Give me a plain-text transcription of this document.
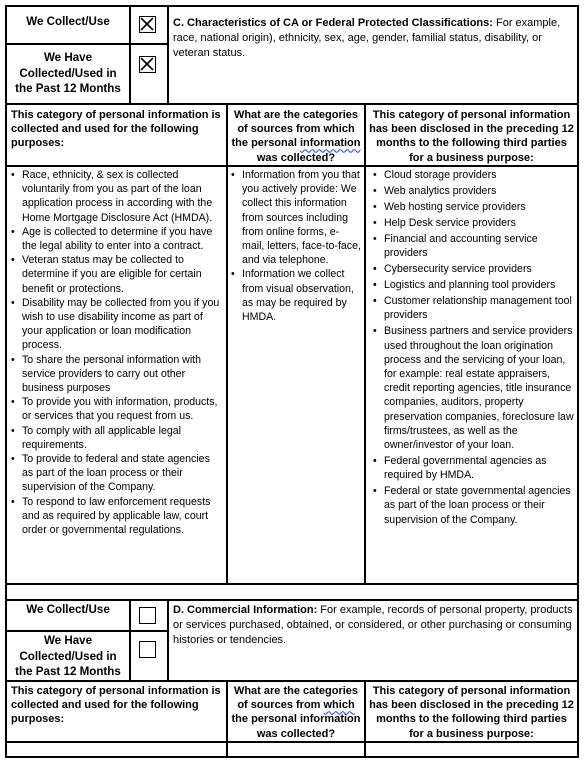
We Collect/Use
We Have Collected/Used in the Past 12 Months
C. Characteristics of CA or Federal Protected Classifications: For example, race, national origin), ethnicity, sex, age, gender, familial status, disability, or veteran status.
This category of personal information is collected and used for the following purposes:
What are the categories of sources from which the personal information was collected?
This category of personal information has been disclosed in the preceding 12 months to the following third parties for a business purpose:
• Race, ethnicity, & sex is collected voluntarily from you as part of the loan application process in according with the Home Mortgage Disclosure Act (HMDA).
• Age is collected to determine if you have the legal ability to enter into a contract.
• Veteran status may be collected to determine if you are eligible for certain benefit or protections.
• Disability may be collected from you if you wish to use disability income as part of your application or loan modification process.
• To share the personal information with service providers to carry out other business purposes
• To provide you with information, products, or services that you request from us.
• To comply with all applicable legal requirements.
• To provide to federal and state agencies as part of the loan process or their supervision of the Company.
• To respond to law enforcement requests and as required by applicable law, court order or governmental regulations.
• Information from you that you actively provide: We collect this information from sources including from online forms, e-mail, letters, face-to-face, and via telephone.
• Information we collect from visual observation, as may be required by HMDA.
• Cloud storage providers
• Web analytics providers
• Web hosting service providers
• Help Desk service providers
• Financial and accounting service providers
• Cybersecurity service providers
• Logistics and planning tool providers
• Customer relationship management tool providers
• Business partners and service providers used throughout the loan origination process and the servicing of your loan, for example: real estate appraisers, credit reporting agencies, title insurance companies, auditors, property preservation companies, foreclosure law firms/trustees, as well as the owner/investor of your loan.
• Federal governmental agencies as required by HMDA.
• Federal or state governmental agencies as part of the loan process or their supervision of the Company.
We Collect/Use
We Have Collected/Used in the Past 12 Months
D. Commercial Information: For example, records of personal property, products or services purchased, obtained, or considered, or other purchasing or consuming histories or tendencies.
This category of personal information is collected and used for the following purposes:
What are the categories of sources from which the personal information was collected?
This category of personal information has been disclosed in the preceding 12 months to the following third parties for a business purpose:
